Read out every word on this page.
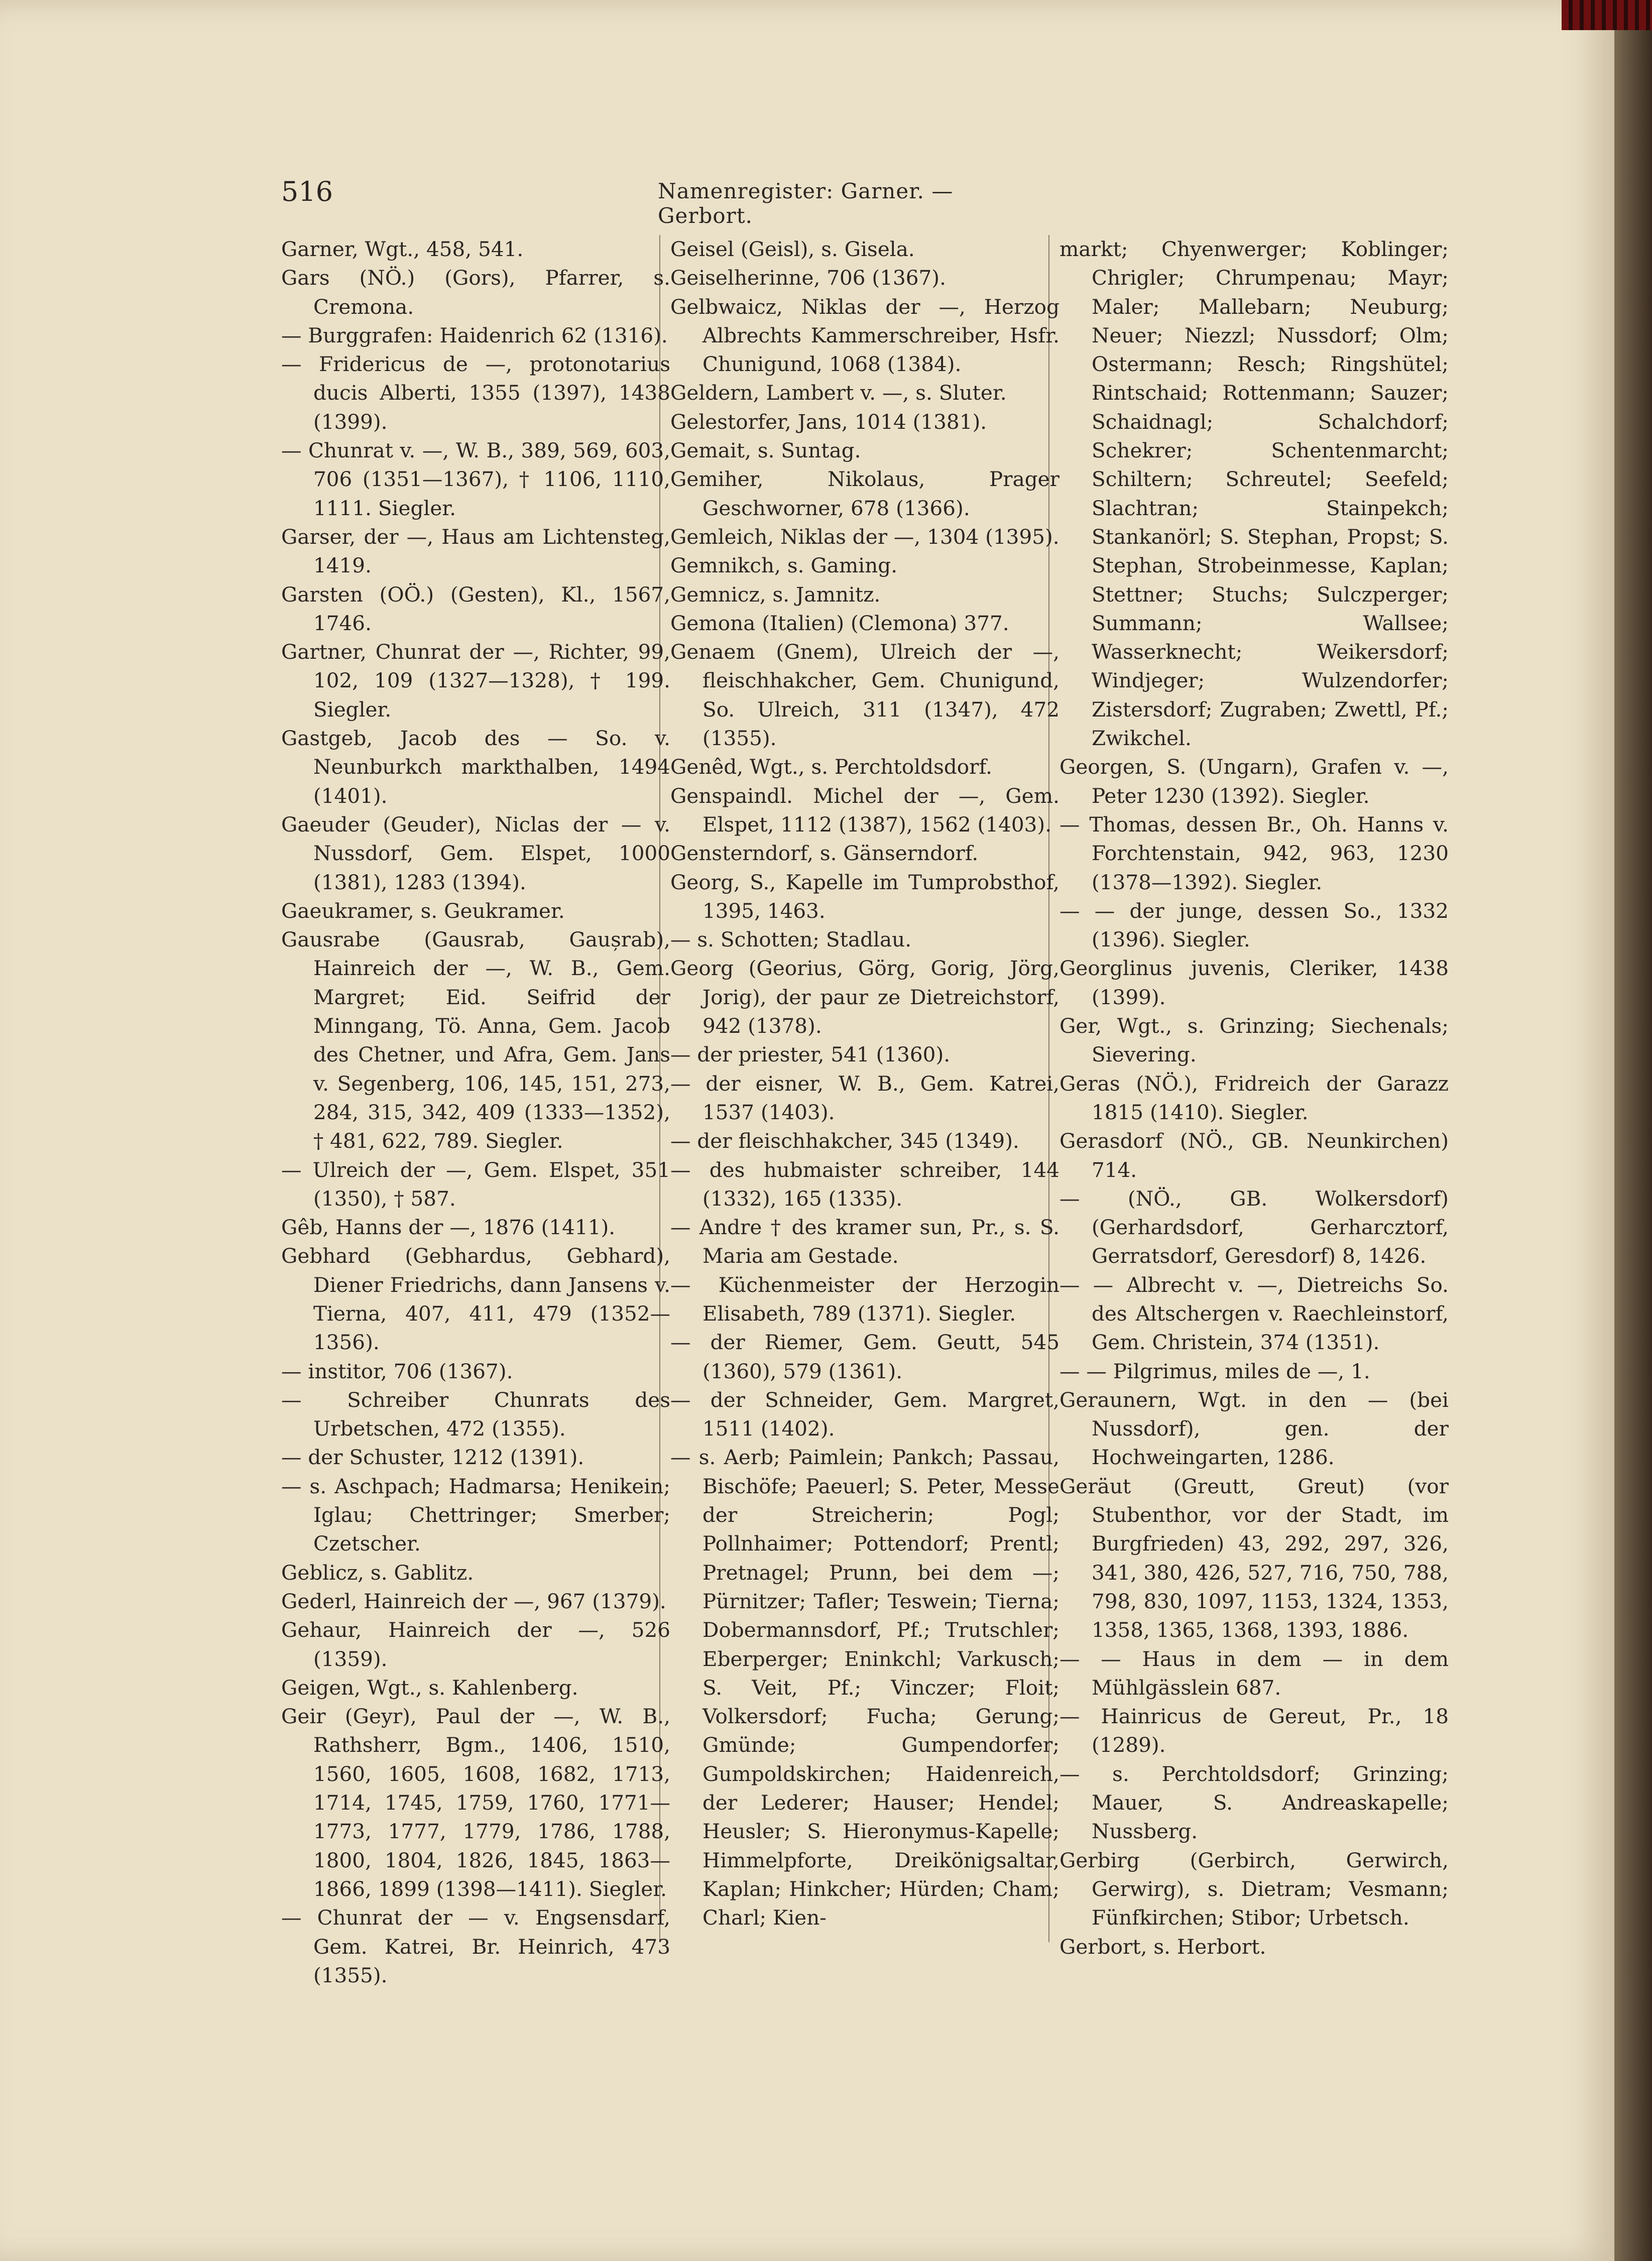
516	Namenregister: Garner. — Gerbort.
Garner, Wgt., 458, 541.
Gars (NÖ.) (Gors), Pfarrer, s. Cremona.
— Burggrafen: Haidenrich 62 (1316).
— Fridericus de —, protonotarius ducis Alberti, 1355 (1397), 1438 (1399).
— Chunrat v. —, W. B., 389, 569, 603, 706 (1351—1367), † 1106, 1110, 1111. Siegler.
Garser, der —, Haus am Lichtensteg, 1419.
Garsten (OÖ.) (Gesten), Kl., 1567, 1746.
Gartner, Chunrat der —, Richter, 99, 102, 109 (1327—1328), † 199. Siegler.
Gastgeb, Jacob des — So. v. Neunburkch markthalben, 1494 (1401).
Gaeuder (Geuder), Niclas der — v. Nussdorf, Gem. Elspet, 1000 (1381), 1283 (1394).
Gaeukramer, s. Geukramer.
Gausrabe (Gausrab, Gaușrab), Hainreich der —, W. B., Gem. Margret; Eid. Seifrid der Minngang, Tö. Anna, Gem. Jacob des Chetner, und Afra, Gem. Jans v. Segenberg, 106, 145, 151, 273, 284, 315, 342, 409 (1333—1352), † 481, 622, 789. Siegler.
— Ulreich der —, Gem. Elspet, 351 (1350), † 587.
Gêb, Hanns der —, 1876 (1411).
Gebhard (Gebhardus, Gebhard), Diener Friedrichs, dann Jansens v. Tierna, 407, 411, 479 (1352—1356).
— institor, 706 (1367).
— Schreiber Chunrats des Urbetschen, 472 (1355).
— der Schuster, 1212 (1391).
— s. Aschpach; Hadmarsa; Henikein; Iglau; Chettringer; Smerber; Czetscher.
Geblicz, s. Gablitz.
Gederl, Hainreich der —, 967 (1379).
Gehaur, Hainreich der —, 526 (1359).
Geigen, Wgt., s. Kahlenberg.
Geir (Geyr), Paul der —, W. B., Rathsherr, Bgm., 1406, 1510, 1560, 1605, 1608, 1682, 1713, 1714, 1745, 1759, 1760, 1771—1773, 1777, 1779, 1786, 1788, 1800, 1804, 1826, 1845, 1863—1866, 1899 (1398—1411). Siegler.
— Chunrat der — v. Engsensdarf, Gem. Katrei, Br. Heinrich, 473 (1355).
Geisel (Geisl), s. Gisela.
Geiselherinne, 706 (1367).
Gelbwaicz, Niklas der —, Herzog Albrechts Kammerschreiber, Hsfr. Chunigund, 1068 (1384).
Geldern, Lambert v. —, s. Sluter.
Gelestorfer, Jans, 1014 (1381).
Gemait, s. Suntag.
Gemiher, Nikolaus, Prager Geschworner, 678 (1366).
Gemleich, Niklas der —, 1304 (1395).
Gemnikch, s. Gaming.
Gemnicz, s. Jamnitz.
Gemona (Italien) (Clemona) 377.
Genaem (Gnem), Ulreich der —, fleischhakcher, Gem. Chunigund, So. Ulreich, 311 (1347), 472 (1355).
Genêd, Wgt., s. Perchtoldsdorf.
Genspaindl. Michel der —, Gem. Elspet, 1112 (1387), 1562 (1403).
Gensterndorf, s. Gänserndorf.
Georg, S., Kapelle im Tumprobsthof, 1395, 1463.
— s. Schotten; Stadlau.
Georg (Georius, Görg, Gorig, Jörg, Jorig), der paur ze Dietreichstorf, 942 (1378).
— der priester, 541 (1360).
— der eisner, W. B., Gem. Katrei, 1537 (1403).
— der fleischhakcher, 345 (1349).
— des hubmaister schreiber, 144 (1332), 165 (1335).
— Andre † des kramer sun, Pr., s. S. Maria am Gestade.
— Küchenmeister der Herzogin Elisabeth, 789 (1371). Siegler.
— der Riemer, Gem. Geutt, 545 (1360), 579 (1361).
— der Schneider, Gem. Margret, 1511 (1402).
— s. Aerb; Paimlein; Pankch; Passau, Bischöfe; Paeuerl; S. Peter, Messe der Streicherin; Pogl; Pollnhaimer; Pottendorf; Prentl; Pretnagel; Prunn, bei dem —; Pürnitzer; Tafler; Teswein; Tierna; Dobermannsdorf, Pf.; Trutschler; Eberperger; Eninkchl; Varkusch; S. Veit, Pf.; Vinczer; Floit; Volkersdorf; Fucha; Gerung; Gmünde; Gumpendorfer; Gumpoldskirchen; Haidenreich, der Lederer; Hauser; Hendel; Heusler; S. Hieronymus-Kapelle; Himmelpforte, Dreikönigsaltar, Kaplan; Hinkcher; Hürden; Cham; Charl; Kien-
markt; Chyenwerger; Koblinger; Chrigler; Chrumpenau; Mayr; Maler; Mallebarn; Neuburg; Neuer; Niezzl; Nussdorf; Olm; Ostermann; Resch; Ringshütel; Rintschaid; Rottenmann; Sauzer; Schaidnagl; Schalchdorf; Schekrer; Schentenmarcht; Schiltern; Schreutel; Seefeld; Slachtran; Stainpekch; Stankanörl; S. Stephan, Propst; S. Stephan, Strobeinmesse, Kaplan; Stettner; Stuchs; Sulczperger; Summann; Wallsee; Wasserknecht; Weikersdorf; Windjeger; Wulzendorfer; Zistersdorf; Zugraben; Zwettl, Pf.; Zwikchel.
Georgen, S. (Ungarn), Grafen v. —, Peter 1230 (1392). Siegler.
— Thomas, dessen Br., Oh. Hanns v. Forchtenstain, 942, 963, 1230 (1378—1392). Siegler.
— — der junge, dessen So., 1332 (1396). Siegler.
Georglinus juvenis, Cleriker, 1438 (1399).
Ger, Wgt., s. Grinzing; Siechenals; Sievering.
Geras (NÖ.), Fridreich der Garazz 1815 (1410). Siegler.
Gerasdorf (NÖ., GB. Neunkirchen) 714.
— (NÖ., GB. Wolkersdorf) (Gerhardsdorf, Gerharcztorf, Gerratsdorf, Geresdorf) 8, 1426.
— — Albrecht v. —, Dietreichs So. des Altschergen v. Raechleinstorf, Gem. Christein, 374 (1351).
— — Pilgrimus, miles de —, 1.
Geraunern, Wgt. in den — (bei Nussdorf), gen. der Hochweingarten, 1286.
Geräut (Greutt, Greut) (vor Stubenthor, vor der Stadt, im Burgfrieden) 43, 292, 297, 326, 341, 380, 426, 527, 716, 750, 788, 798, 830, 1097, 1153, 1324, 1353, 1358, 1365, 1368, 1393, 1886.
— — Haus in dem — in dem Mühlgässlein 687.
— Hainricus de Gereut, Pr., 18 (1289).
— s. Perchtoldsdorf; Grinzing; Mauer, S. Andreaskapelle; Nussberg.
Gerbirg (Gerbirch, Gerwirch, Gerwirg), s. Dietram; Vesmann; Fünfkirchen; Stibor; Urbetsch.
Gerbort, s. Herbort.
